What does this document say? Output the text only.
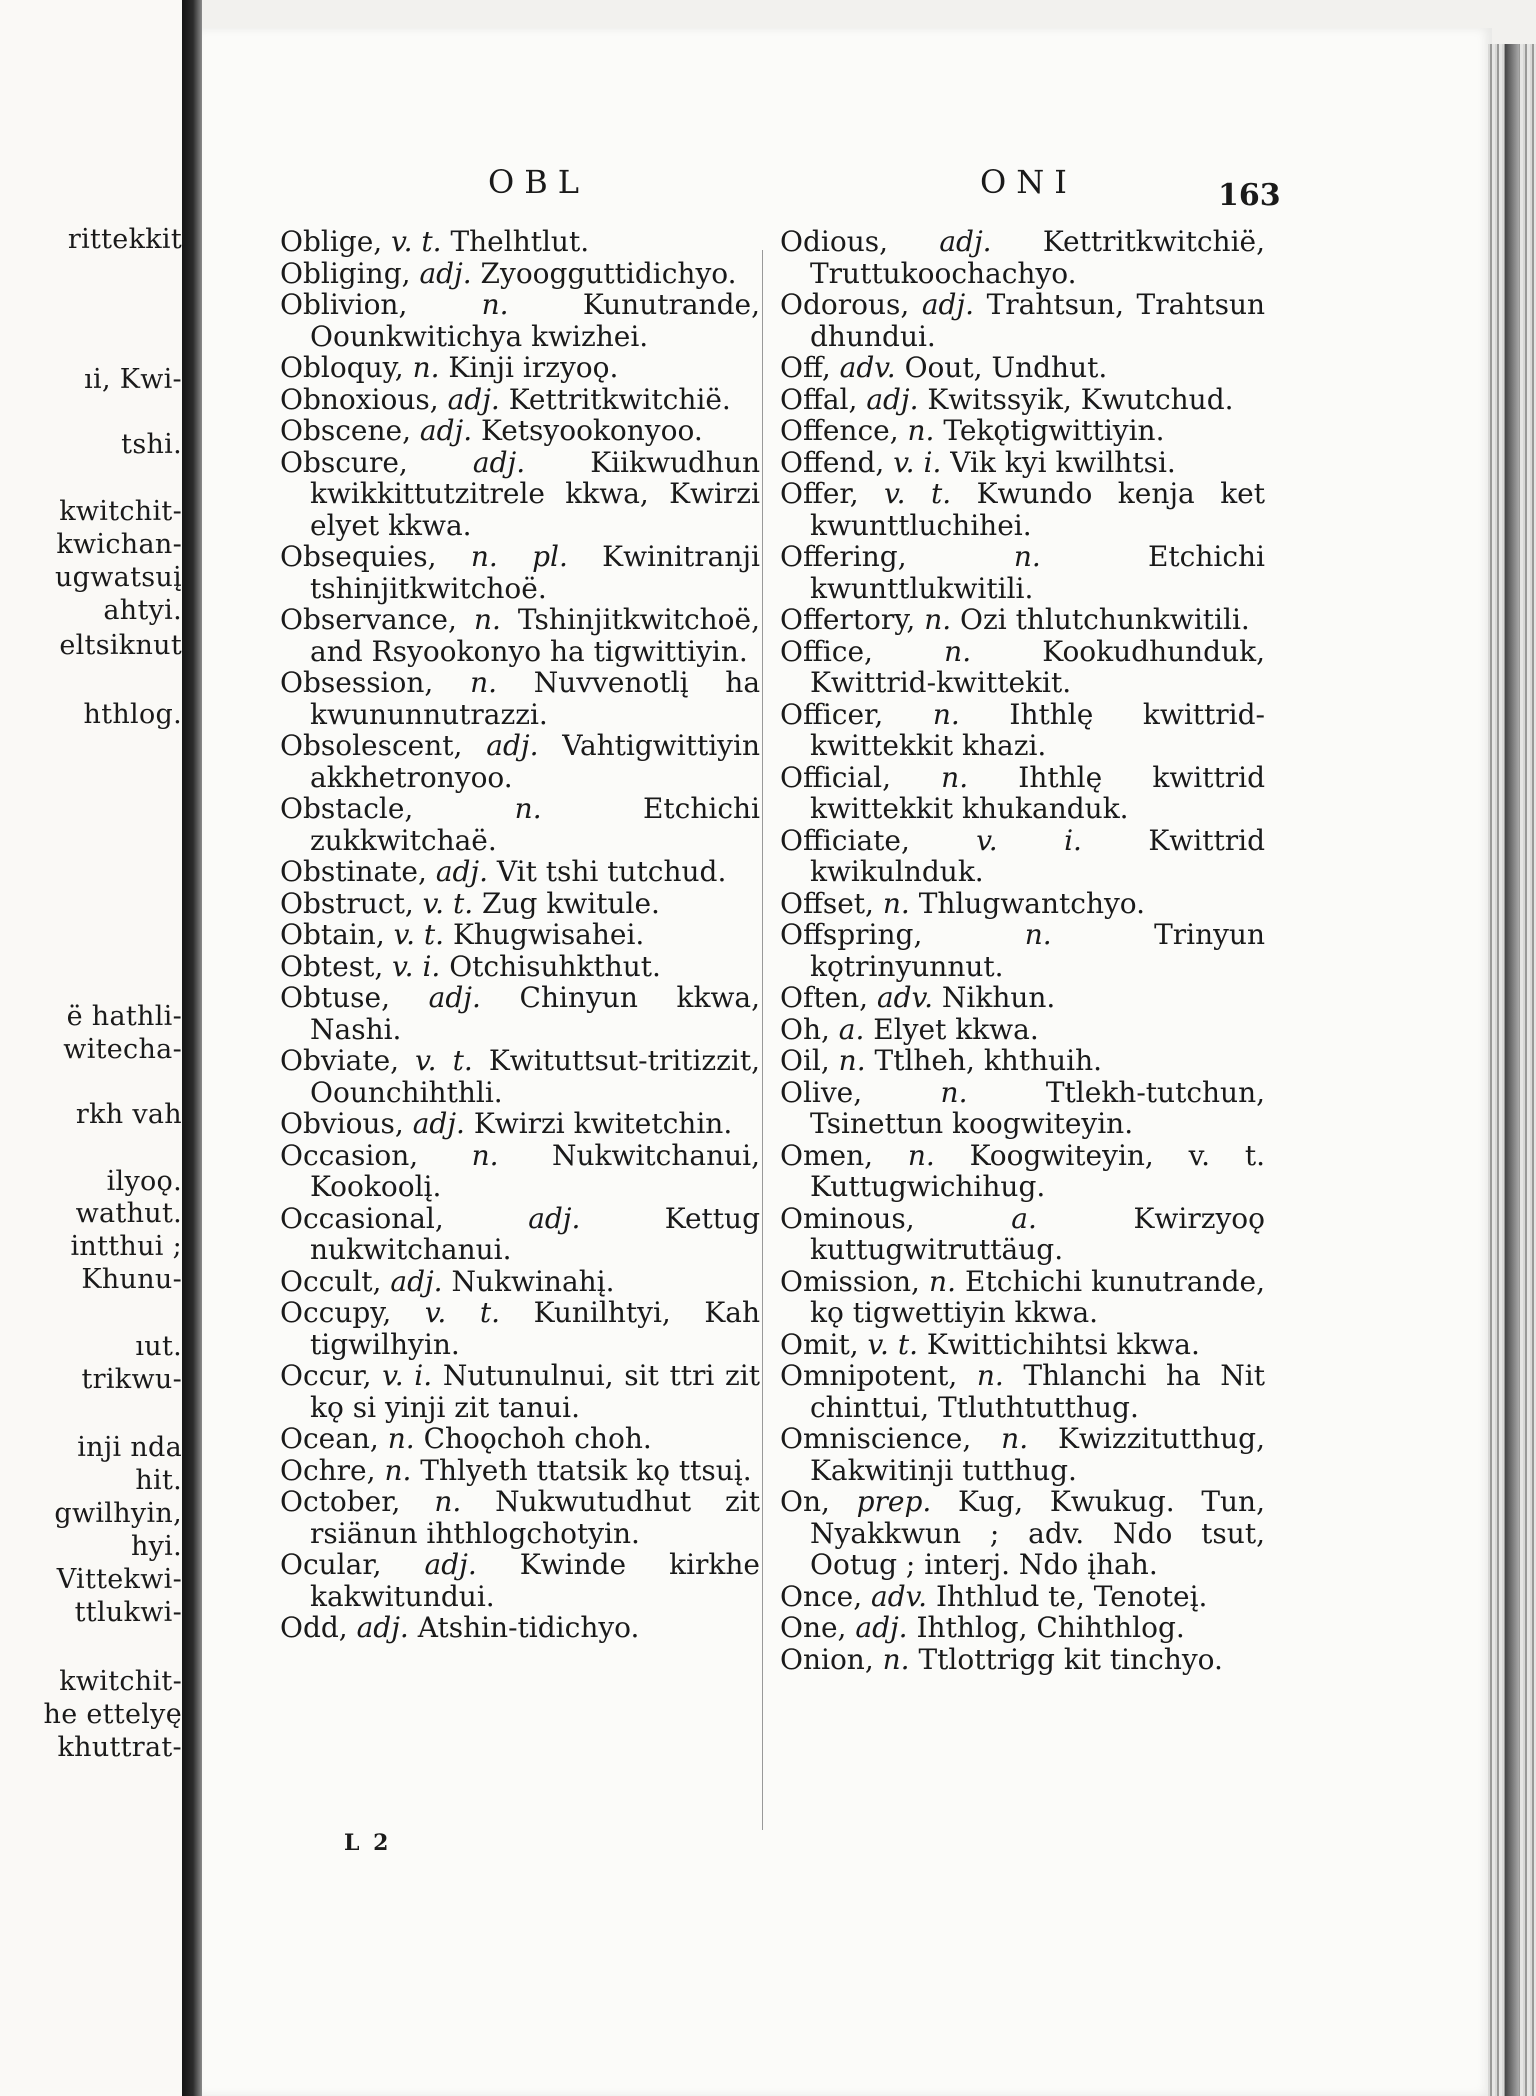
rittekkit
ıi, Kwi-
tshi.
kwitchit-
kwichan-
ugwatsuį
ahtyi.
eltsiknut
hthlog.
ë hathli-
witecha-
rkh vah
ilyoǫ.
wathut.
intthui ;
Khunu-
ıut.
trikwu-
inji nda
hit.
gwilhyin,
hyi.
Vittekwi-
ttlukwi-
kwitchit-
he ettelyę
khuttrat-
OBL	ONI	163

Oblige, v. t. Thelhtlut.

Obliging, adj. Zyoogguttidichyo.

Oblivion,	n.	Kunutrande, Oounkwitichya kwizhei.

Obloquy, n. Kinji irzyoǫ.

Obnoxious, adj. Kettritkwitchië.

Obscene, adj. Ketsyookonyoo.

Obscure, adj. Kiikwudhun kwikkittutzitrele kkwa, Kwirzi elyet kkwa.

Obsequies, n. pl. Kwinitranji tshinjitkwitchoë.

Observance, n. Tshinjitkwitchoë, and Rsyookonyo ha tigwittiyin.

Obsession, n. Nuvvenotlį ha kwununnutrazzi.

Obsolescent, adj. Vahtigwittiyin akkhetronyoo.

Obstacle,	n.	Etchichi zukkwitchaë.

Obstinate, adj. Vit tshi tutchud.

Obstruct, v. t. Zug kwitule.

Obtain, v. t. Khugwisahei.

Obtest, v. i. Otchisuhkthut.

Obtuse, adj. Chinyun kkwa, Nashi.

Obviate, v. t. Kwituttsut-tritizzit, Oounchihthli.

Obvious, adj. Kwirzi kwitetchin.

Occasion, n. Nukwitchanui, Kookoolį.

Occasional,	adj.	Kettug nukwitchanui.

Occult, adj. Nukwinahį.

Occupy, v. t. Kunilhtyi, Kah tigwilhyin.

Occur, v. i. Nutunulnui, sit ttri zit kǫ si yinji zit tanui.

Ocean, n. Choǫchoh choh.

Ochre, n. Thlyeth ttatsik kǫ ttsuį.

October, n. Nukwutudhut zit rsiänun ihthlogchotyin.

Ocular, adj. Kwinde kirkhe kakwitundui.

Odd, adj. Atshin-tidichyo.

Odious, adj. Kettritkwitchië, Truttukoochachyo.

Odorous, adj. Trahtsun, Trahtsun dhundui.

Off, adv. Oout, Undhut.

Offal, adj. Kwitssyik, Kwutchud.

Offence, n. Tekǫtigwittiyin.

Offend, v. i. Vik kyi kwilhtsi.

Offer, v. t. Kwundo kenja ket kwunttluchihei.

Offering,	n.	Etchichi kwunttlukwitili.

Offertory, n. Ozi thlutchunkwitili.

Office,	n.	Kookudhunduk, Kwittrid-kwittekit.

Officer, n. Ihthlę kwittrid-kwittekkit khazi.

Official, n. Ihthlę kwittrid kwittekkit khukanduk.

Officiate, v. i. Kwittrid kwikulnduk.

Offset, n. Thlugwantchyo.

Offspring,	n.	Trinyun kǫtrinyunnut.

Often, adv. Nikhun.

Oh, a. Elyet kkwa.

Oil, n. Ttlheh, khthuih.

Olive,	n.	Ttlekh-tutchun, Tsinettun koogwiteyin.

Omen, n. Koogwiteyin, v. t. Kuttugwichihug.

Ominous,	a.	Kwirzyoǫ kuttugwitruttäug.

Omission, n. Etchichi kunutrande, kǫ tigwettiyin kkwa.

Omit, v. t. Kwittichihtsi kkwa.

Omnipotent, n. Thlanchi ha Nit chinttui, Ttluthtutthug.

Omniscience, n. Kwizzitutthug, Kakwitinji tutthug.

On, prep. Kug, Kwukug. Tun, Nyakkwun ; adv. Ndo tsut, Ootug ; interj. Ndo įhah.

Once, adv. Ihthlud te, Tenoteį.

One, adj. Ihthlog, Chihthlog.

Onion, n. Ttlottrigg kit tinchyo.

L 2
